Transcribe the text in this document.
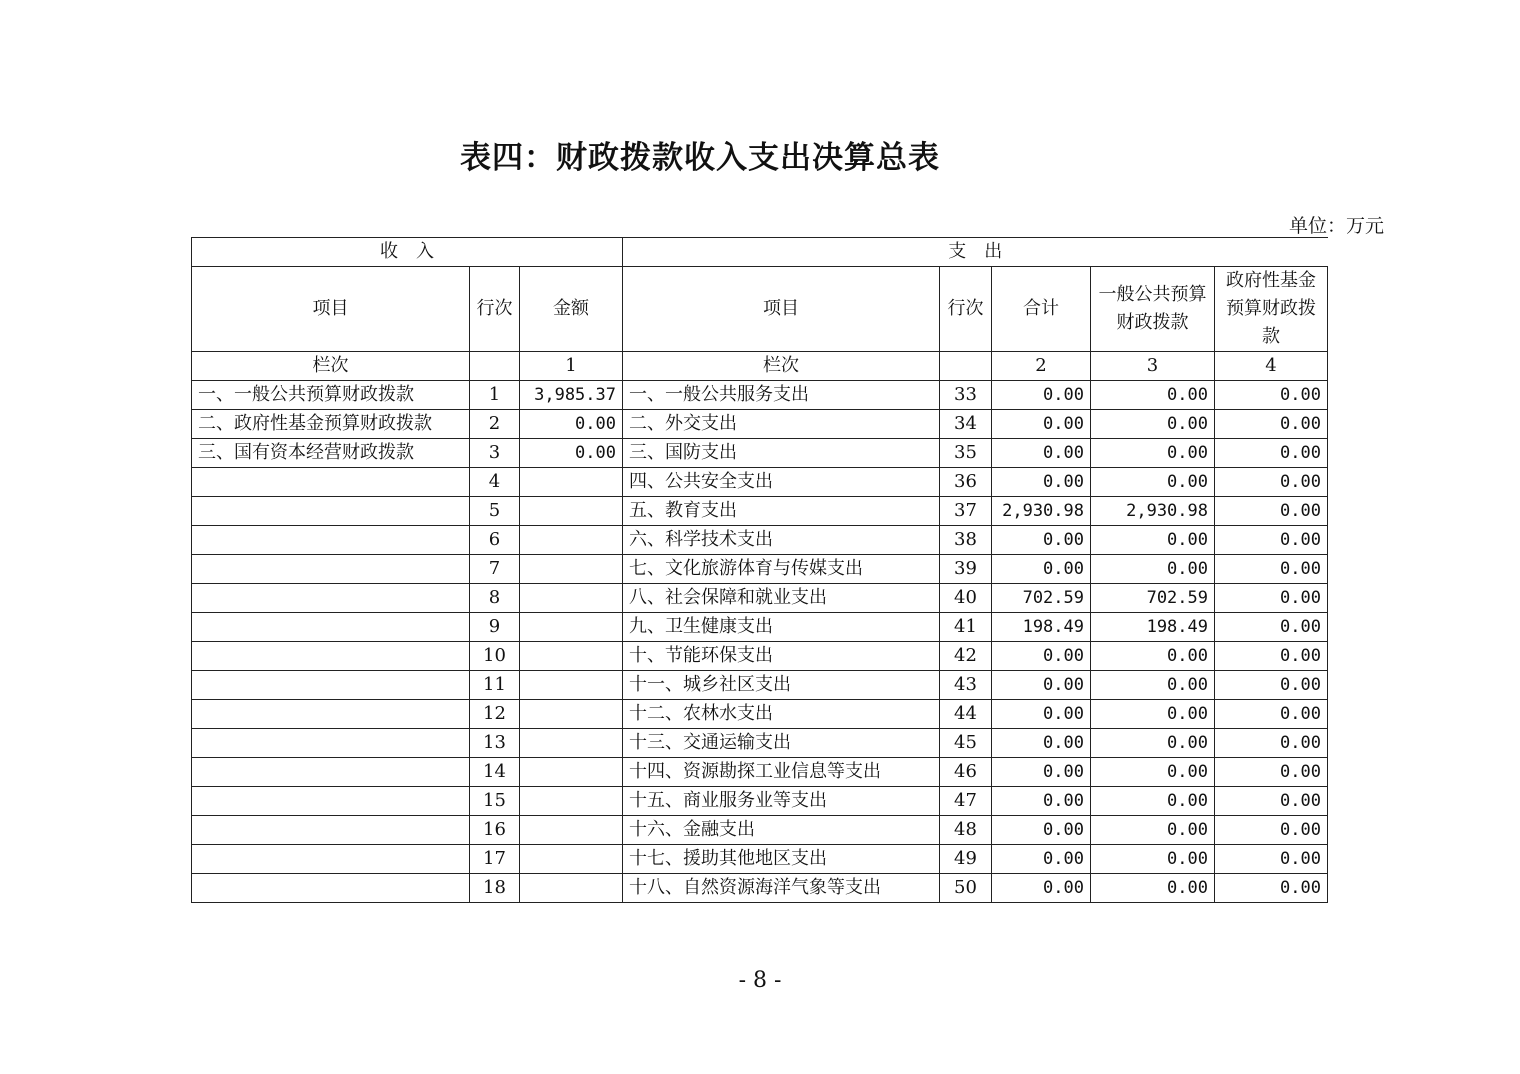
表四：财政拨款收入支出决算总表
单位：万元
收　入			支　出				
项目	行次	金额	项目	行次	合计	一般公共预算财政拨款	政府性基金预算财政拨款
栏次		1	栏次		2	3	4
一、一般公共预算财政拨款	1	3,985.37	一、一般公共服务支出	33	0.00	0.00	0.00
二、政府性基金预算财政拨款	2	0.00	二、外交支出	34	0.00	0.00	0.00
三、国有资本经营财政拨款	3	0.00	三、国防支出	35	0.00	0.00	0.00
	4		四、公共安全支出	36	0.00	0.00	0.00
	5		五、教育支出	37	2,930.98	2,930.98	0.00
	6		六、科学技术支出	38	0.00	0.00	0.00
	7		七、文化旅游体育与传媒支出	39	0.00	0.00	0.00
	8		八、社会保障和就业支出	40	702.59	702.59	0.00
	9		九、卫生健康支出	41	198.49	198.49	0.00
	10		十、节能环保支出	42	0.00	0.00	0.00
	11		十一、城乡社区支出	43	0.00	0.00	0.00
	12		十二、农林水支出	44	0.00	0.00	0.00
	13		十三、交通运输支出	45	0.00	0.00	0.00
	14		十四、资源勘探工业信息等支出	46	0.00	0.00	0.00
	15		十五、商业服务业等支出	47	0.00	0.00	0.00
	16		十六、金融支出	48	0.00	0.00	0.00
	17		十七、援助其他地区支出	49	0.00	0.00	0.00
	18		十八、自然资源海洋气象等支出	50	0.00	0.00	0.00
- 8 -
